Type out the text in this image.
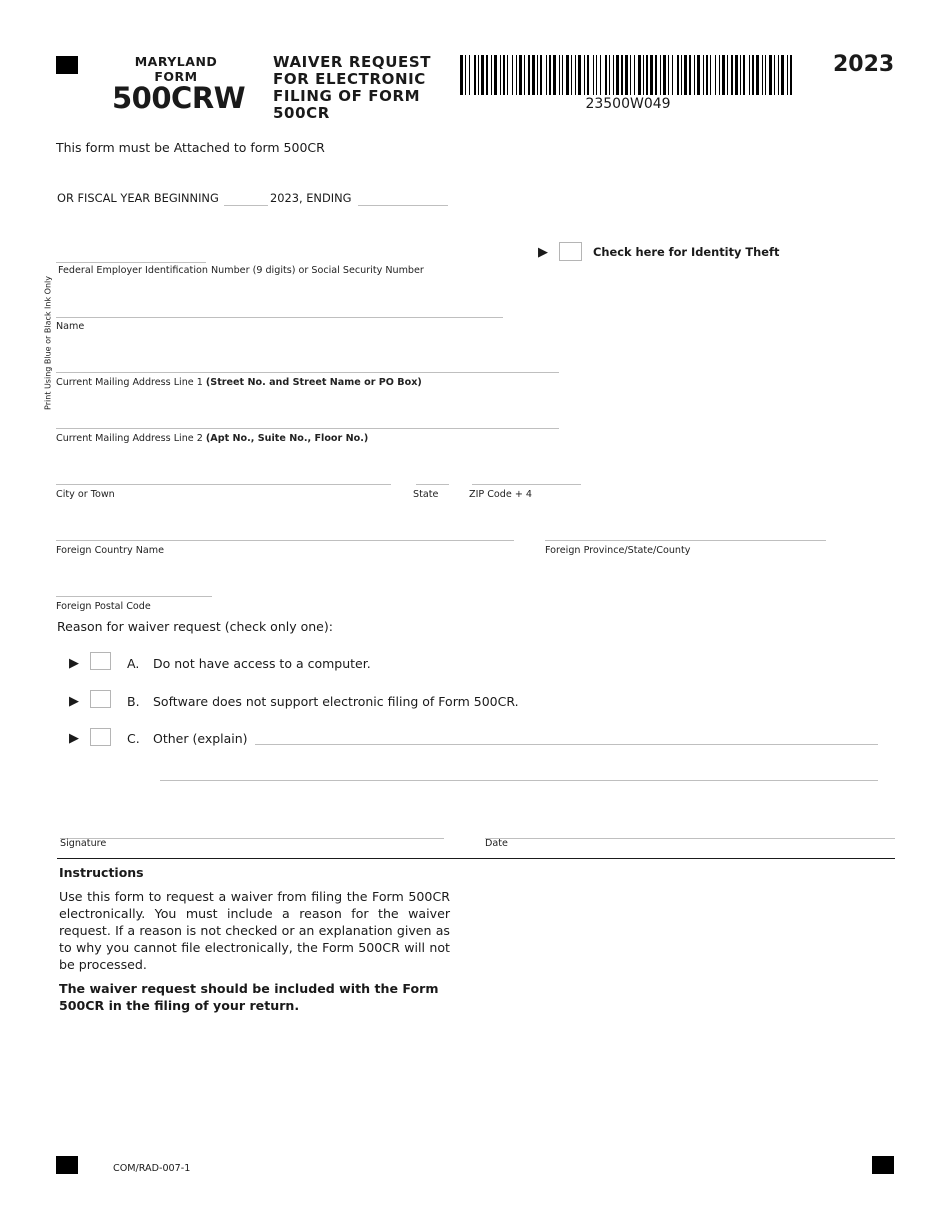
MARYLAND
FORM
500CRW
WAIVER REQUEST
FOR ELECTRONIC
FILING OF FORM
500CR	23500W049
2023
This form must be Attached to form 500CR
OR FISCAL YEAR BEGINNING	2023, ENDING
▶	Check here for Identity Theft
Print Using Blue or Black Ink Only
Federal Employer Identification Number (9 digits) or Social Security Number
Name
Current Mailing Address Line 1 (Street No. and Street Name or PO Box)
Current Mailing Address Line 2 (Apt No., Suite No., Floor No.)
City or Town	State	ZIP Code + 4
Foreign Country Name	Foreign Province/State/County
Foreign Postal Code
Reason for waiver request (check only one):
▶	A. Do not have access to a computer.
▶	B. Software does not support electronic filing of Form 500CR.
▶	C. Other (explain)
Signature	Date
Instructions
Use this form to request a waiver from filing the Form 500CR electronically. You must include a reason for the waiver request. If a reason is not checked or an explanation given as to why you cannot file electronically, the Form 500CR will not be processed.
The waiver request should be included with the Form 500CR in the filing of your return.
COM/RAD-007-1
